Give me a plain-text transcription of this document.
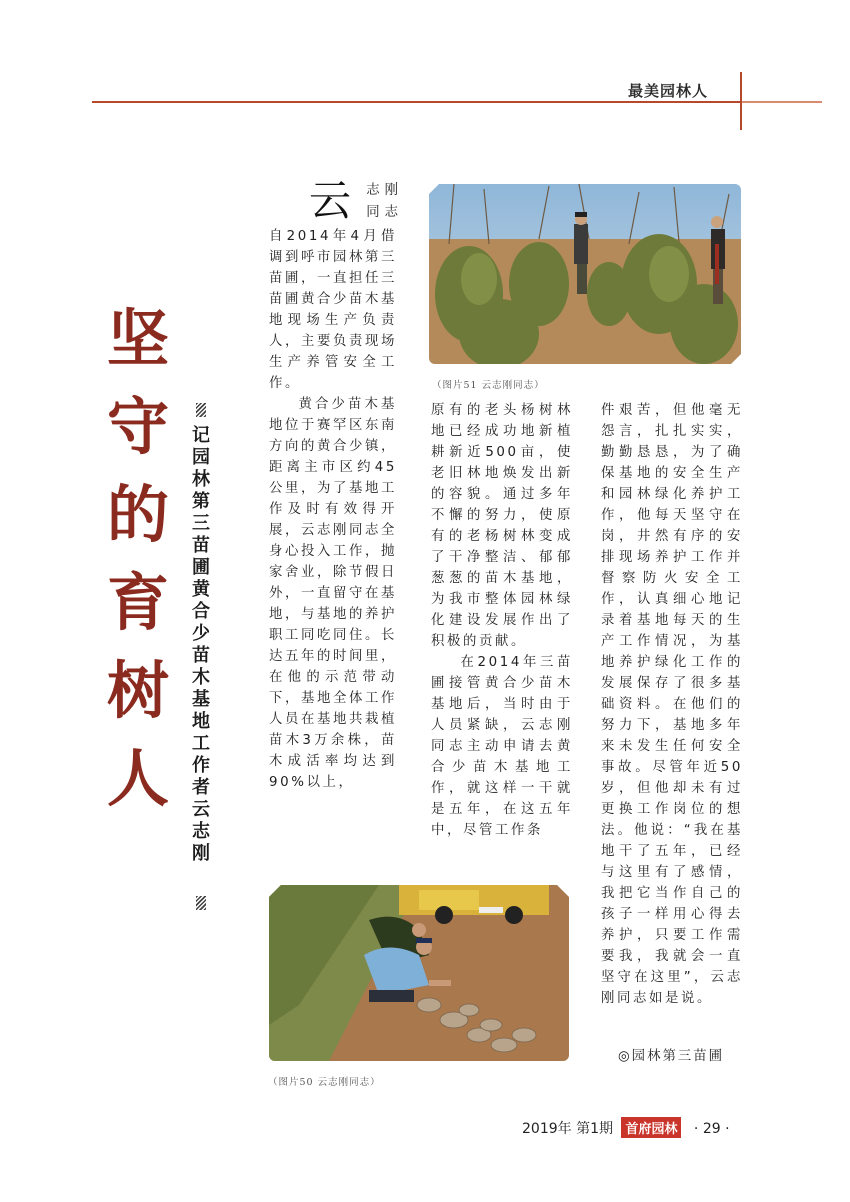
最美园林人
坚
守
的
育
树
人
记
园
林
第
三
苗
圃
黄
合
少
苗
木
基
地
工
作
者
云
志
刚
云	志刚同志

自2014年4月借调到呼市园林第三苗圃，一直担任三苗圃黄合少苗木基地现场生产负责人，主要负责现场生产养管安全工作。

黄合少苗木基地位于赛罕区东南方向的黄合少镇，距离主市区约45公里，为了基地工作及时有效得开展，云志刚同志全身心投入工作，抛家舍业，除节假日外，一直留守在基地，与基地的养护职工同吃同住。长达五年的时间里，在他的示范带动下，基地全体工作人员在基地共栽植苗木3万余株，苗木成活率均达到90%以上，

原有的老头杨树林地已经成功地新植耕新近500亩，使老旧林地焕发出新的容貌。通过多年不懈的努力，使原有的老杨树林变成了干净整洁、郁郁葱葱的苗木基地，为我市整体园林绿化建设发展作出了积极的贡献。

在2014年三苗圃接管黄合少苗木基地后，当时由于人员紧缺，云志刚同志主动申请去黄合少苗木基地工作，就这样一干就是五年，在这五年中，尽管工作条

件艰苦，但他毫无怨言，扎扎实实，勤勤恳恳，为了确保基地的安全生产和园林绿化养护工作，他每天坚守在岗，井然有序的安排现场养护工作并督察防火安全工作，认真细心地记录着基地每天的生产工作情况，为基地养护绿化工作的发展保存了很多基础资料。在他们的努力下，基地多年来未发生任何安全事故。尽管年近50岁，但他却未有过更换工作岗位的想法。他说：“我在基地干了五年，已经与这里有了感情，我把它当作自己的孩子一样用心得去养护，只要工作需要我，我就会一直坚守在这里”，云志刚同志如是说。

◎园林第三苗圃
（图片51 云志刚同志）
（图片50 云志刚同志）
2019年 第1期 首府园林 · 29 ·
